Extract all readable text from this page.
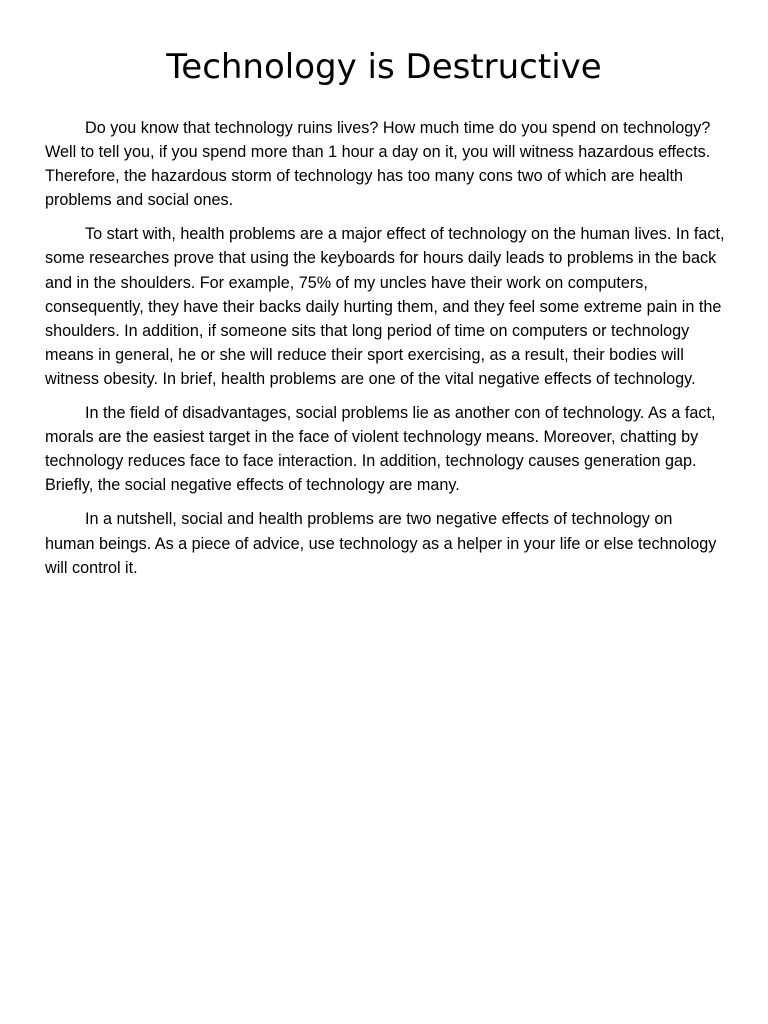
Technology is Destructive

Do you know that technology ruins lives? How much time do you spend on technology? Well to tell you, if you spend more than 1 hour a day on it, you will witness hazardous effects. Therefore, the hazardous storm of technology has too many cons two of which are health problems and social ones.

To start with, health problems are a major effect of technology on the human lives. In fact, some researches prove that using the keyboards for hours daily leads to problems in the back and in the shoulders. For example, 75% of my uncles have their work on computers, consequently, they have their backs daily hurting them, and they feel some extreme pain in the shoulders. In addition, if someone sits that long period of time on computers or technology means in general, he or she will reduce their sport exercising, as a result, their bodies will witness obesity. In brief, health problems are one of the vital negative effects of technology.

In the field of disadvantages, social problems lie as another con of technology. As a fact, morals are the easiest target in the face of violent technology means. Moreover, chatting by technology reduces face to face interaction. In addition, technology causes generation gap. Briefly, the social negative effects of technology are many.

In a nutshell, social and health problems are two negative effects of technology on human beings. As a piece of advice, use technology as a helper in your life or else technology will control it.
